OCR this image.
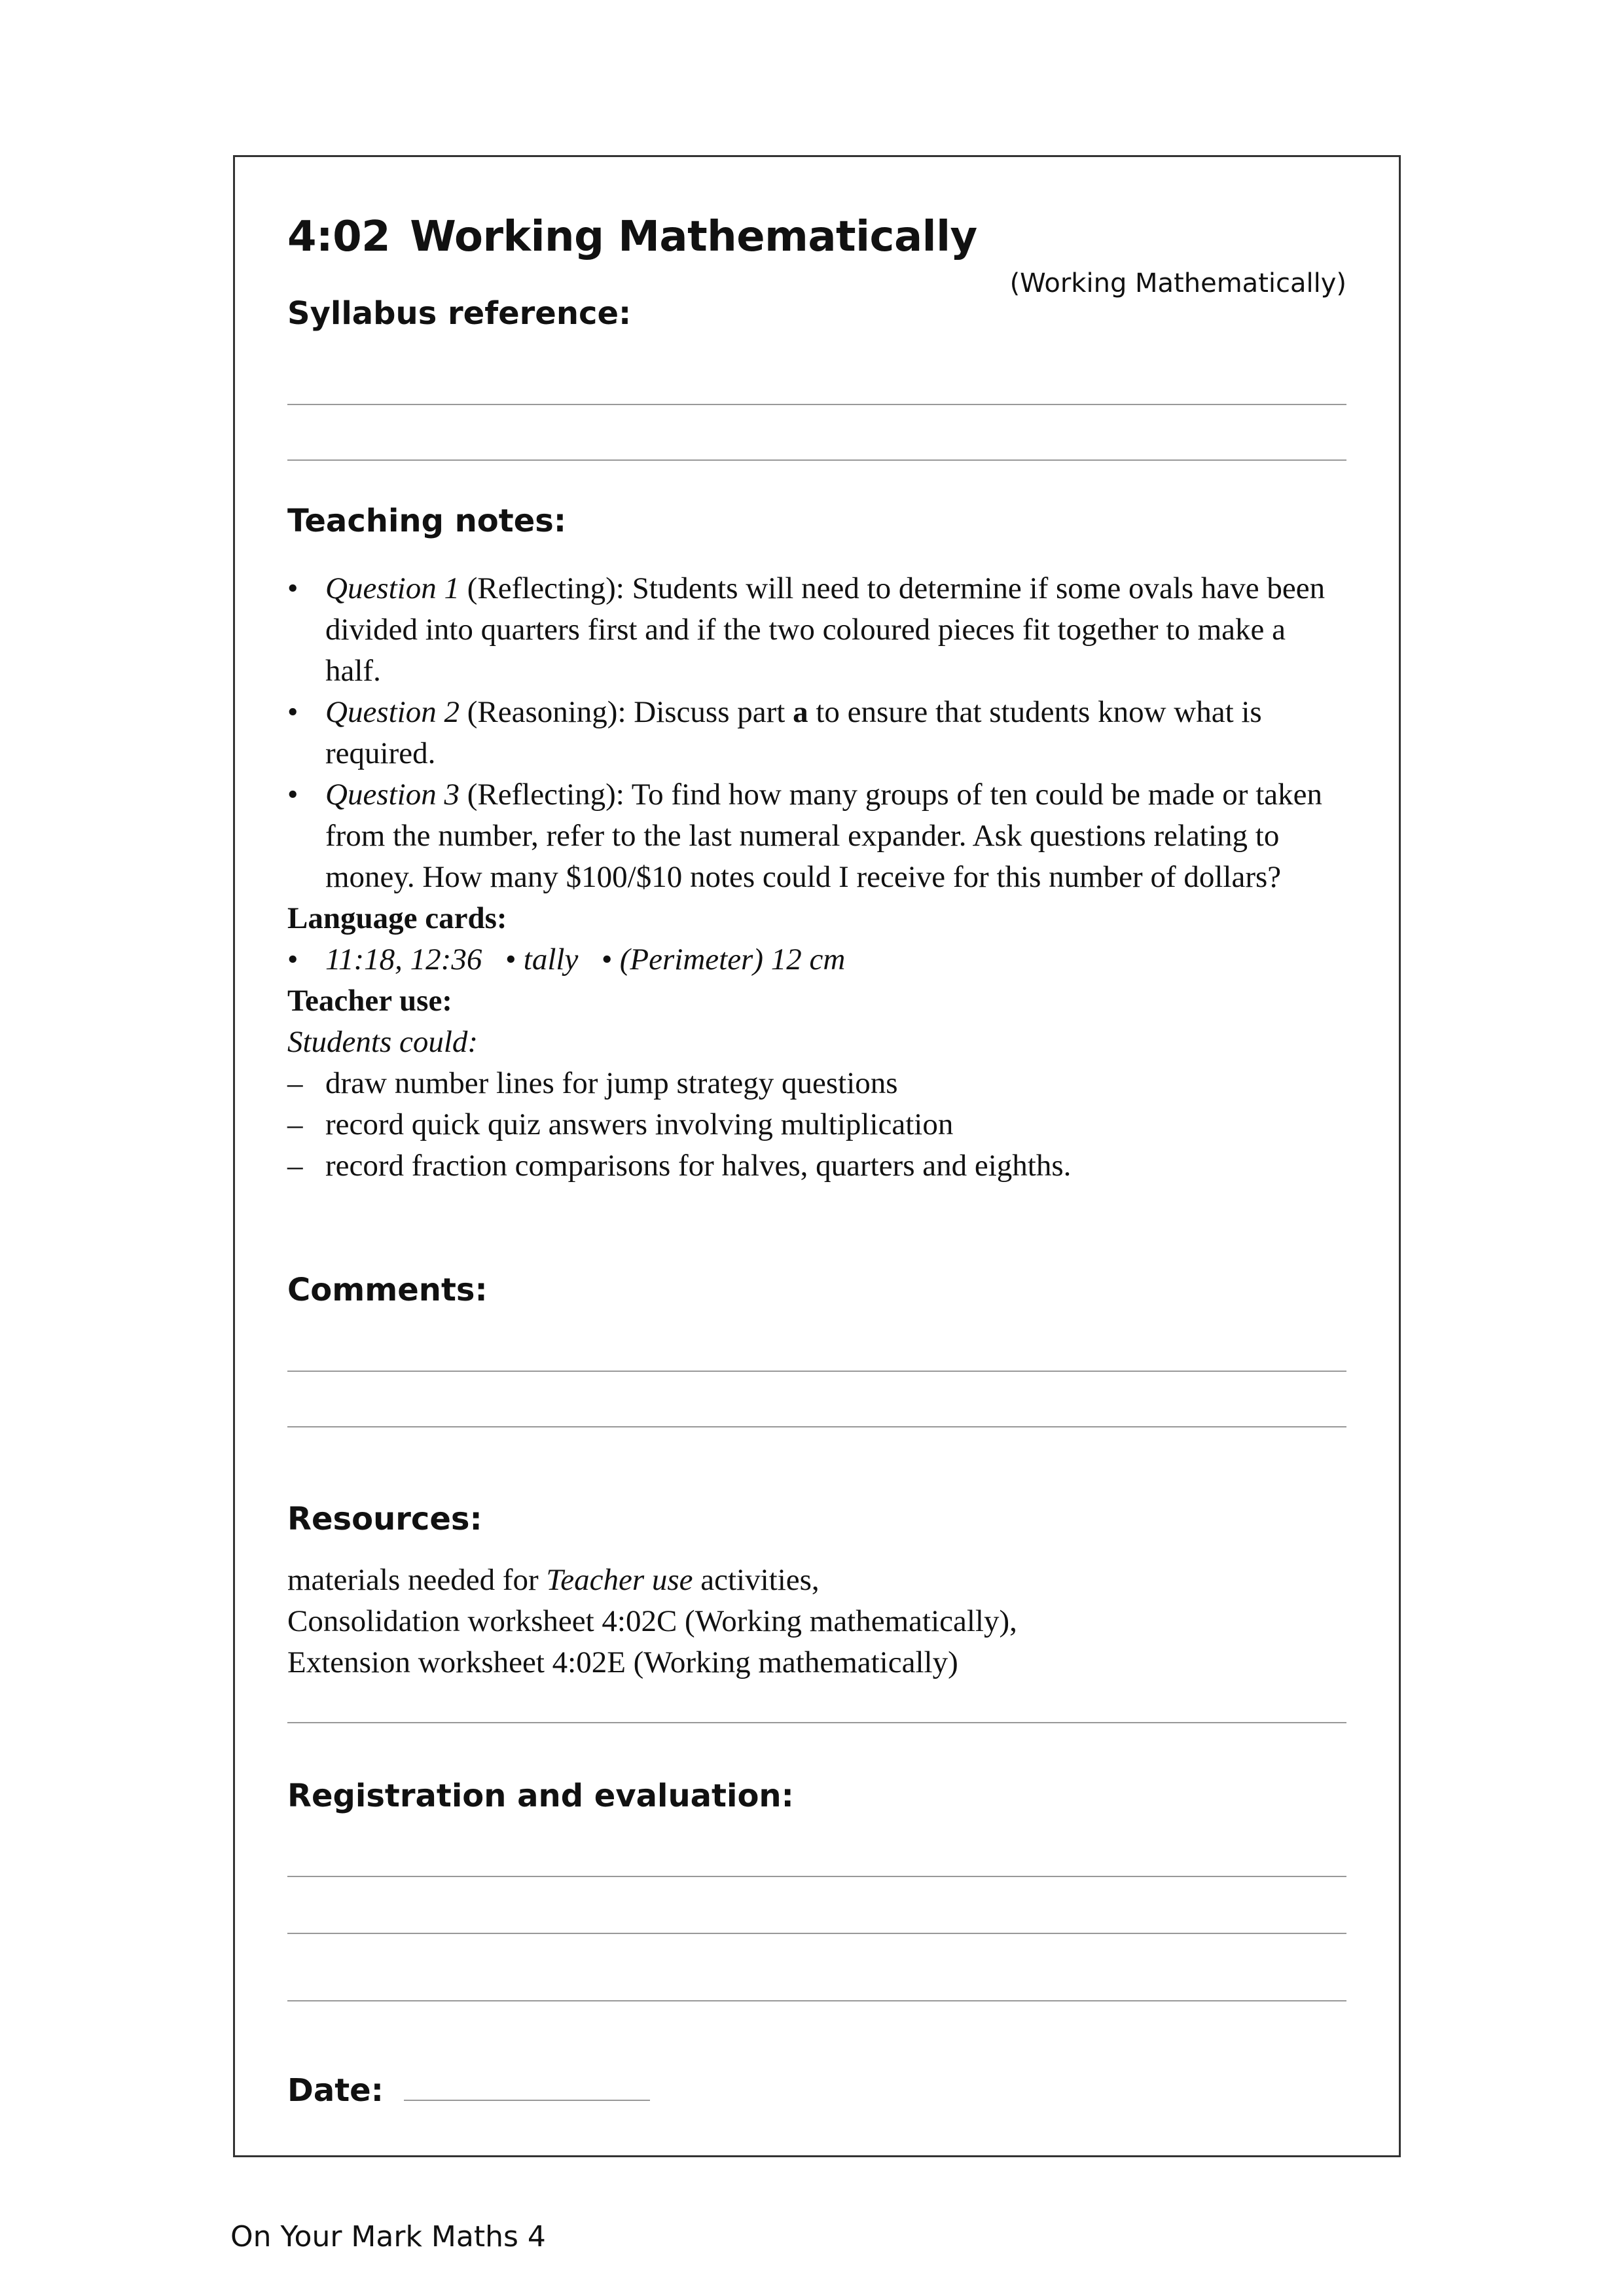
4:02 Working Mathematically
(Working Mathematically)
Syllabus reference:
Teaching notes:
• Question 1 (Reflecting): Students will need to determine if some ovals have been divided into quarters first and if the two coloured pieces fit together to make a half.
• Question 2 (Reasoning): Discuss part a to ensure that students know what is required.
• Question 3 (Reflecting): To find how many groups of ten could be made or taken from the number, refer to the last numeral expander. Ask questions relating to money. How many $100/$10 notes could I receive for this number of dollars?
Language cards:
• 11:18, 12:36   • tally   • (Perimeter) 12 cm
Teacher use:
Students could:
– draw number lines for jump strategy questions
– record quick quiz answers involving multiplication
– record fraction comparisons for halves, quarters and eighths.
Comments:
Resources:
materials needed for Teacher use activities,
Consolidation worksheet 4:02C (Working mathematically),
Extension worksheet 4:02E (Working mathematically)
Registration and evaluation:
Date:
On Your Mark Maths 4
